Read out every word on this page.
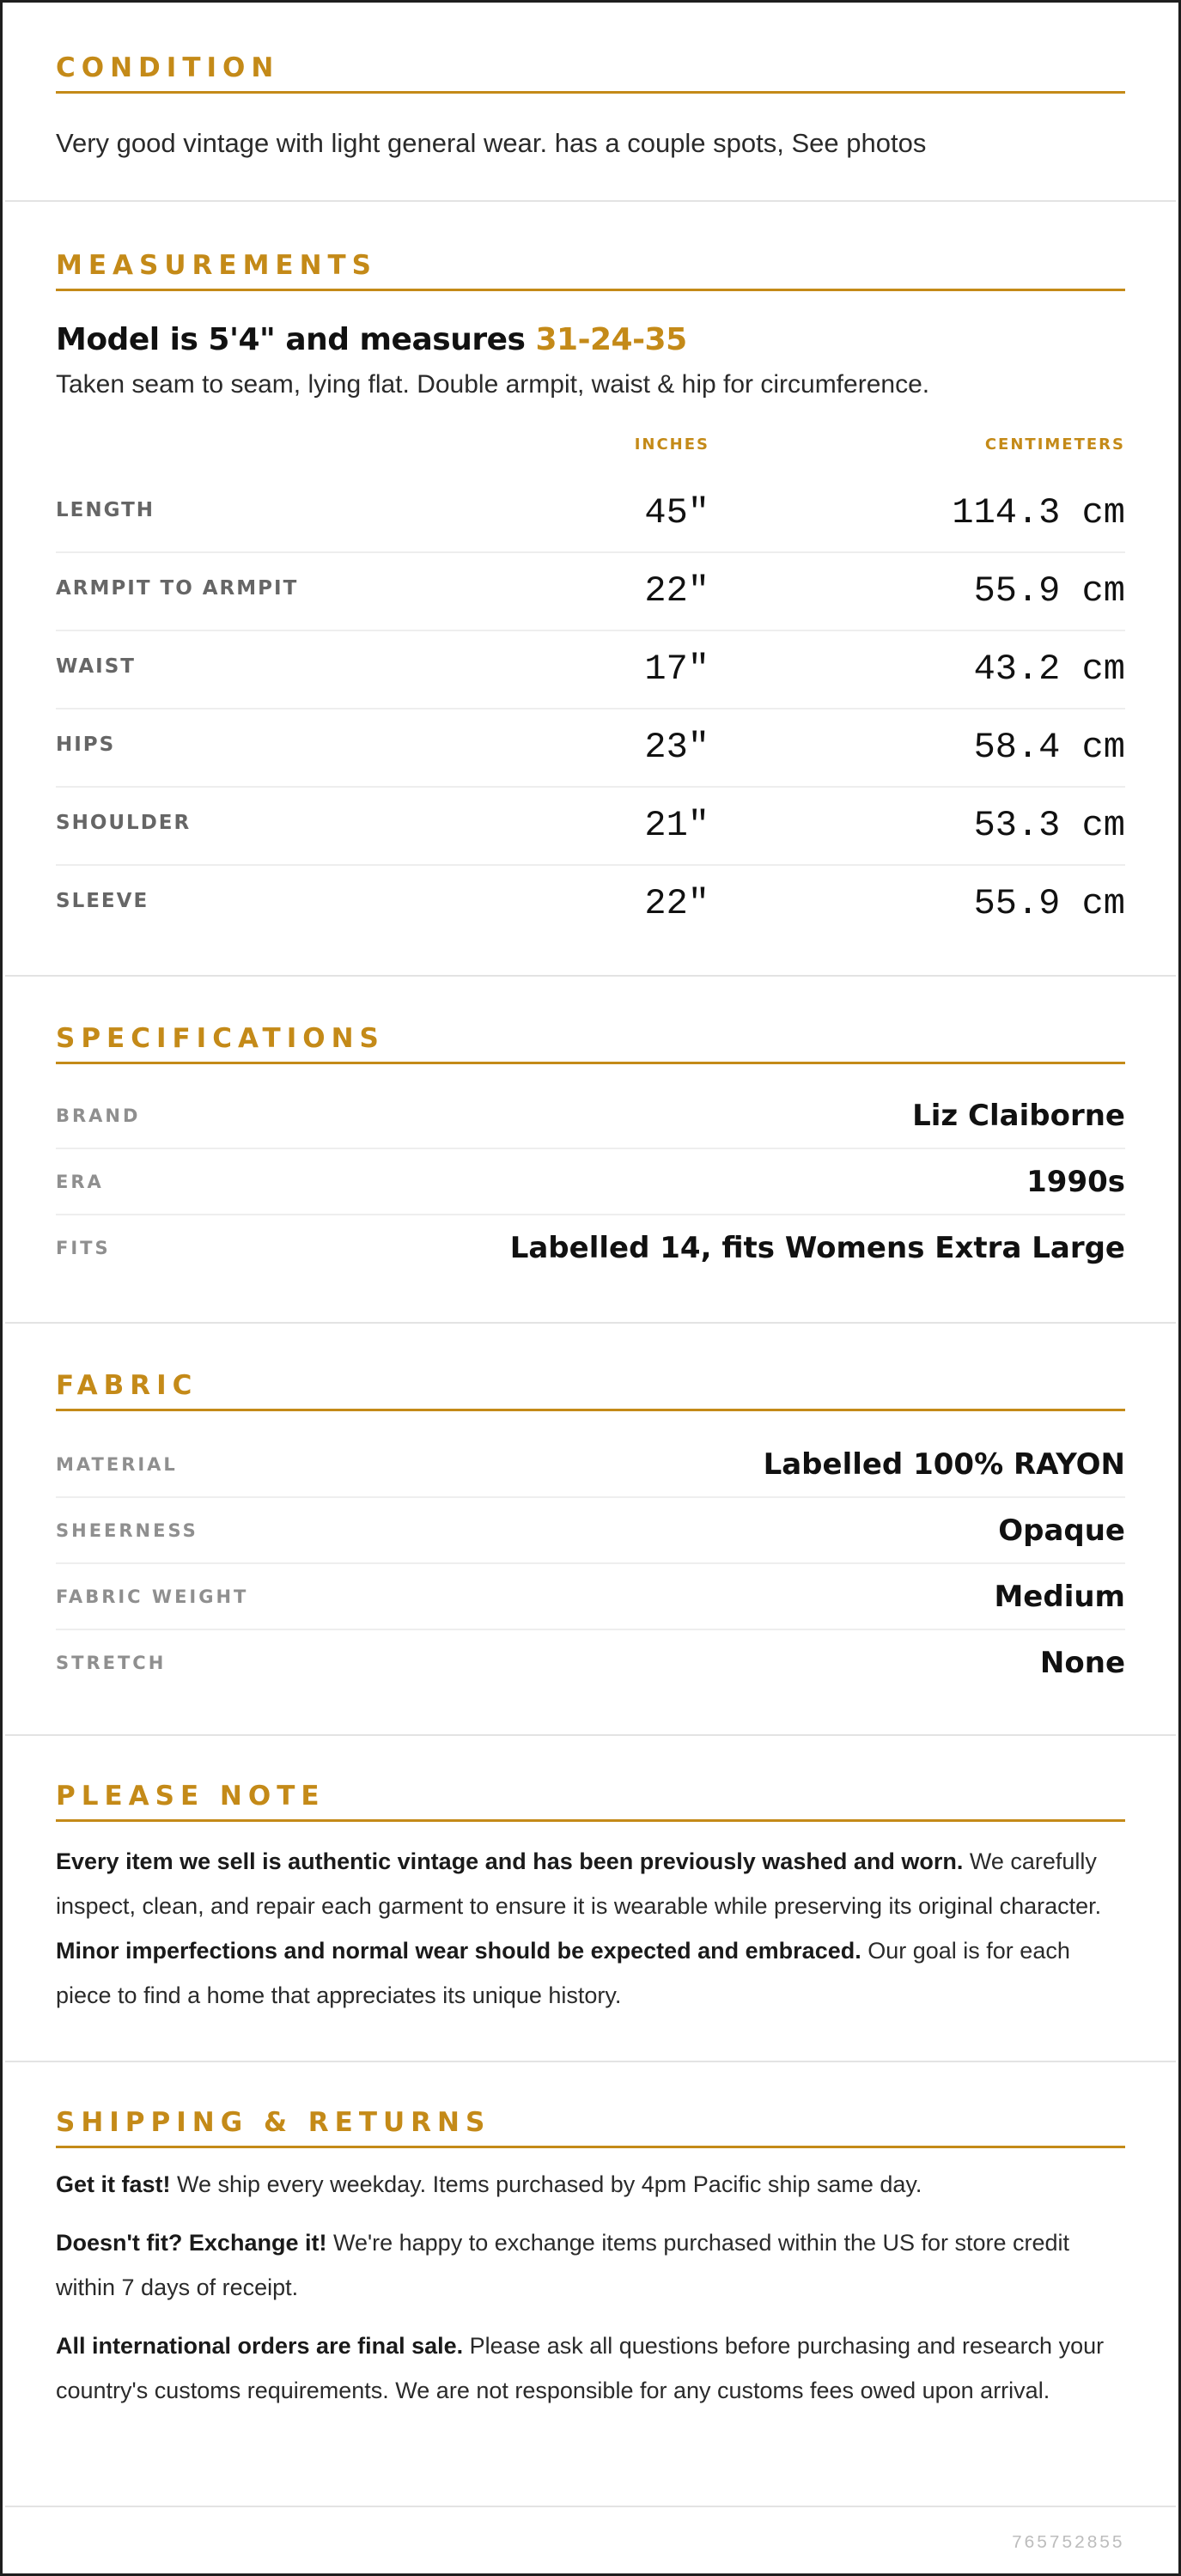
CONDITION
Very good vintage with light general wear. has a couple spots, See photos
MEASUREMENTS
Model is 5'4" and measures 31-24-35
Taken seam to seam, lying flat. Double armpit, waist & hip for circumference.
INCHES	CENTIMETERS
LENGTH	45"	114.3 cm
ARMPIT TO ARMPIT	22"	55.9 cm
WAIST	17"	43.2 cm
HIPS	23"	58.4 cm
SHOULDER	21"	53.3 cm
SLEEVE	22"	55.9 cm
SPECIFICATIONS
BRAND	Liz Claiborne
ERA	1990s
FITS	Labelled 14, fits Womens Extra Large
FABRIC
MATERIAL	Labelled 100% RAYON
SHEERNESS	Opaque
FABRIC WEIGHT	Medium
STRETCH	None
PLEASE NOTE

Every item we sell is authentic vintage and has been previously washed and worn. We carefully inspect, clean, and repair each garment to ensure it is wearable while preserving its original character. Minor imperfections and normal wear should be expected and embraced. Our goal is for each piece to find a home that appreciates its unique history.

SHIPPING & RETURNS

Get it fast! We ship every weekday. Items purchased by 4pm Pacific ship same day.

Doesn't fit? Exchange it! We're happy to exchange items purchased within the US for store credit within 7 days of receipt.

All international orders are final sale. Please ask all questions before purchasing and research your country's customs requirements. We are not responsible for any customs fees owed upon arrival.

765752855
